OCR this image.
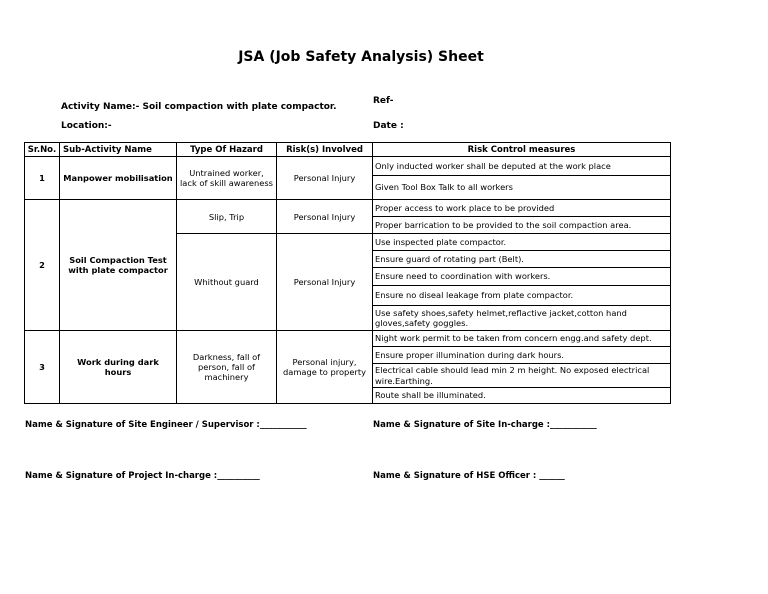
JSA (Job Safety Analysis) Sheet
Activity Name:- Soil compaction with plate compactor.
Ref-
Location:-	Date :
Sr.No.	Sub-Activity Name	Type Of Hazard	Risk(s) Involved	Risk Control measures
1	Manpower mobilisation	Untrained worker, lack of skill awareness	Personal Injury	Only inducted worker shall be deputed at the work place
				Given Tool Box Talk to all workers
2	Soil Compaction Test with plate compactor	Slip, Trip	Personal Injury	Proper access to work place to be provided
				Proper barrication to be provided to the soil compaction area.
		Whithout guard	Personal Injury	Use inspected plate compactor.
				Ensure guard of rotating part (Belt).
				Ensure need to coordination with workers.
				Ensure no diseal leakage from plate compactor.
				Use safety shoes,safety helmet,reflactive jacket,cotton hand gloves,safety goggles.
3	Work during dark hours	Darkness, fall of person, fall of machinery	Personal injury, damage to property	Night work permit to be taken from concern engg.and safety dept.
				Ensure proper illumination during dark hours.
				Electrical cable should lead min 2 m height. No exposed electrical wire.Earthing.
				Route shall be illuminated.
Name & Signature of Site Engineer / Supervisor :___________	Name & Signature of Site In-charge :___________
Name & Signature of Project In-charge :__________	Name & Signature of HSE Officer : ______
